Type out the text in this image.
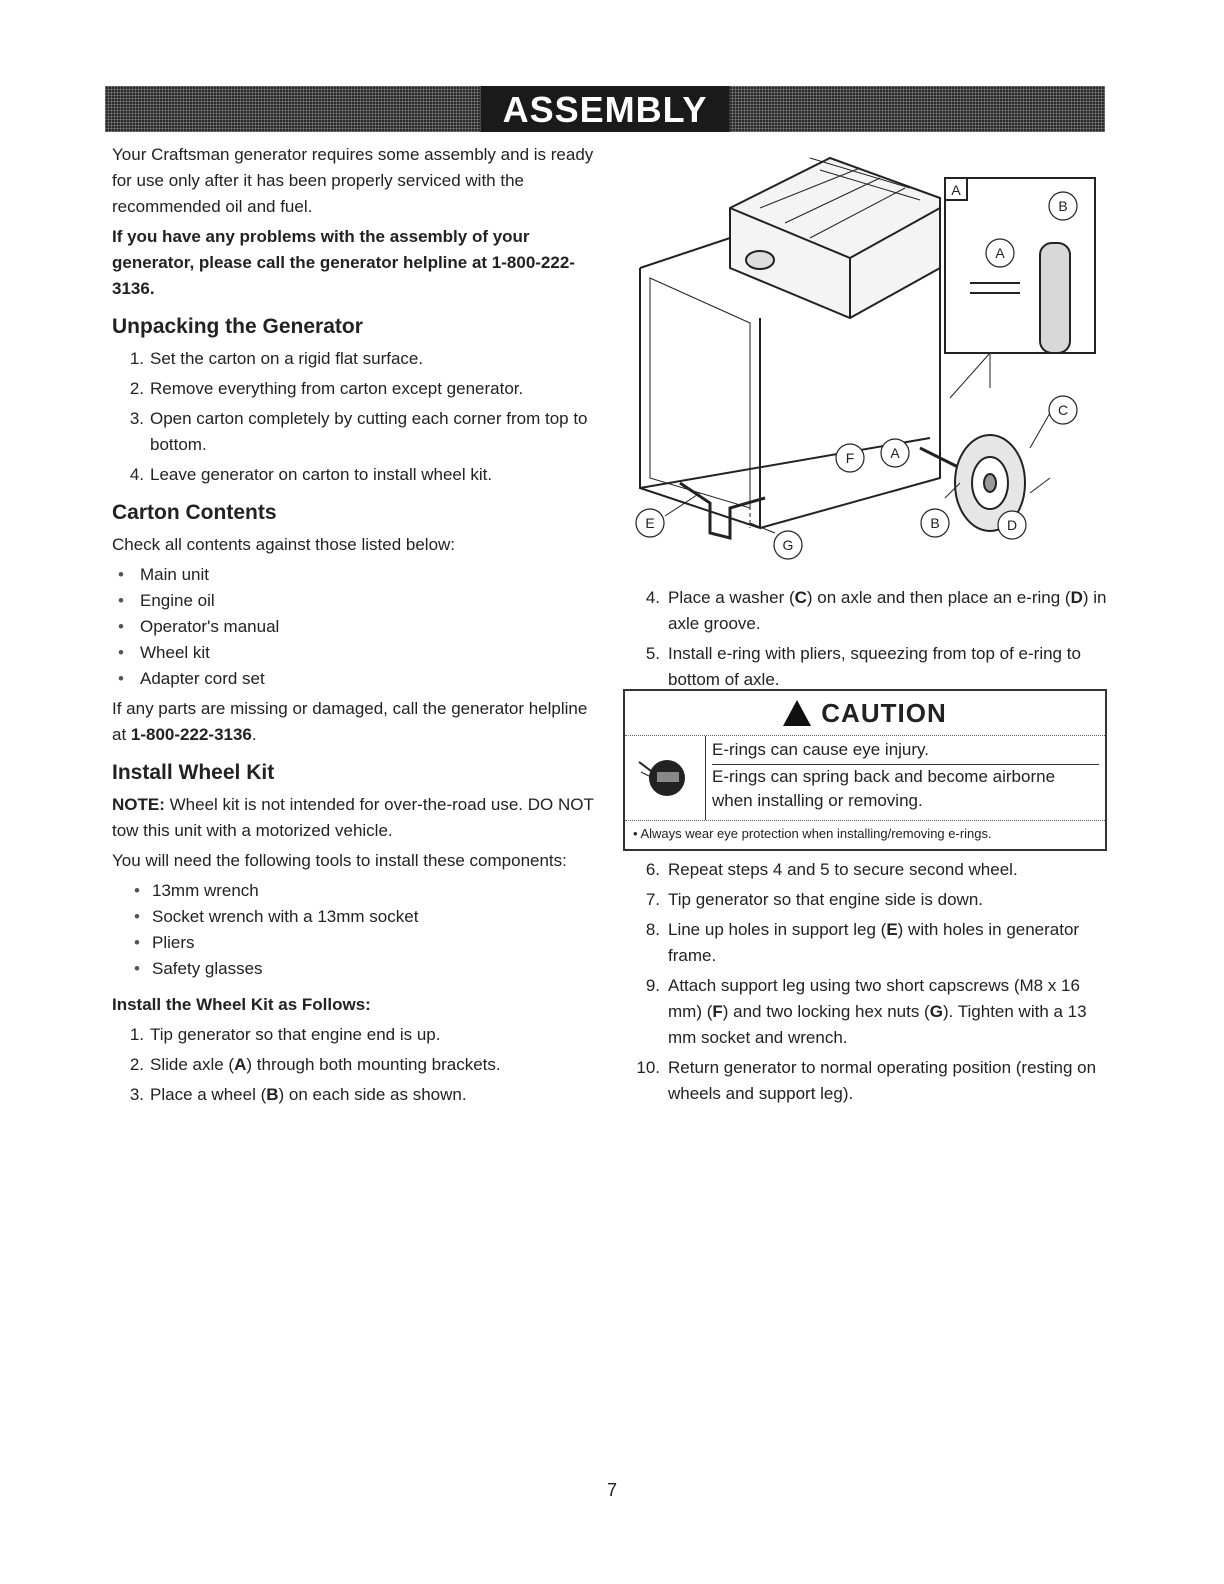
ASSEMBLY

Your Craftsman generator requires some assembly and is ready for use only after it has been properly serviced with the recommended oil and fuel.

If you have any problems with the assembly of your generator, please call the generator helpline at 1-800-222-3136.

Unpacking the Generator
1. Set the carton on a rigid flat surface.
2. Remove everything from carton except generator.
3. Open carton completely by cutting each corner from top to bottom.
4. Leave generator on carton to install wheel kit.
Carton Contents

Check all contents against those listed below:

• Main unit
• Engine oil
• Operator's manual
• Wheel kit
• Adapter cord set

If any parts are missing or damaged, call the generator helpline at 1-800-222-3136.

Install Wheel Kit

NOTE: Wheel kit is not intended for over-the-road use. DO NOT tow this unit with a motorized vehicle.

You will need the following tools to install these components:

• 13mm wrench
• Socket wrench with a 13mm socket
• Pliers
• Safety glasses
Install the Wheel Kit as Follows:
1. Tip generator so that engine end is up.
2. Slide axle (A) through both mounting brackets.
3. Place a wheel (B) on each side as shown.
A
B
A
C
F	A
E	B	D
G
4. Place a washer (C) on axle and then place an e-ring (D) in axle groove.
5. Install e-ring with pliers, squeezing from top of e-ring to bottom of axle.
CAUTION
E-rings can cause eye injury.
E-rings can spring back and become airborne when installing or removing.
• Always wear eye protection when installing/removing e-rings.
6. Repeat steps 4 and 5 to secure second wheel.
7. Tip generator so that engine side is down.
8. Line up holes in support leg (E) with holes in generator frame.
9. Attach support leg using two short capscrews (M8 x 16 mm) (F) and two locking hex nuts (G). Tighten with a 13 mm socket and wrench.
10. Return generator to normal operating position (resting on wheels and support leg).
7
